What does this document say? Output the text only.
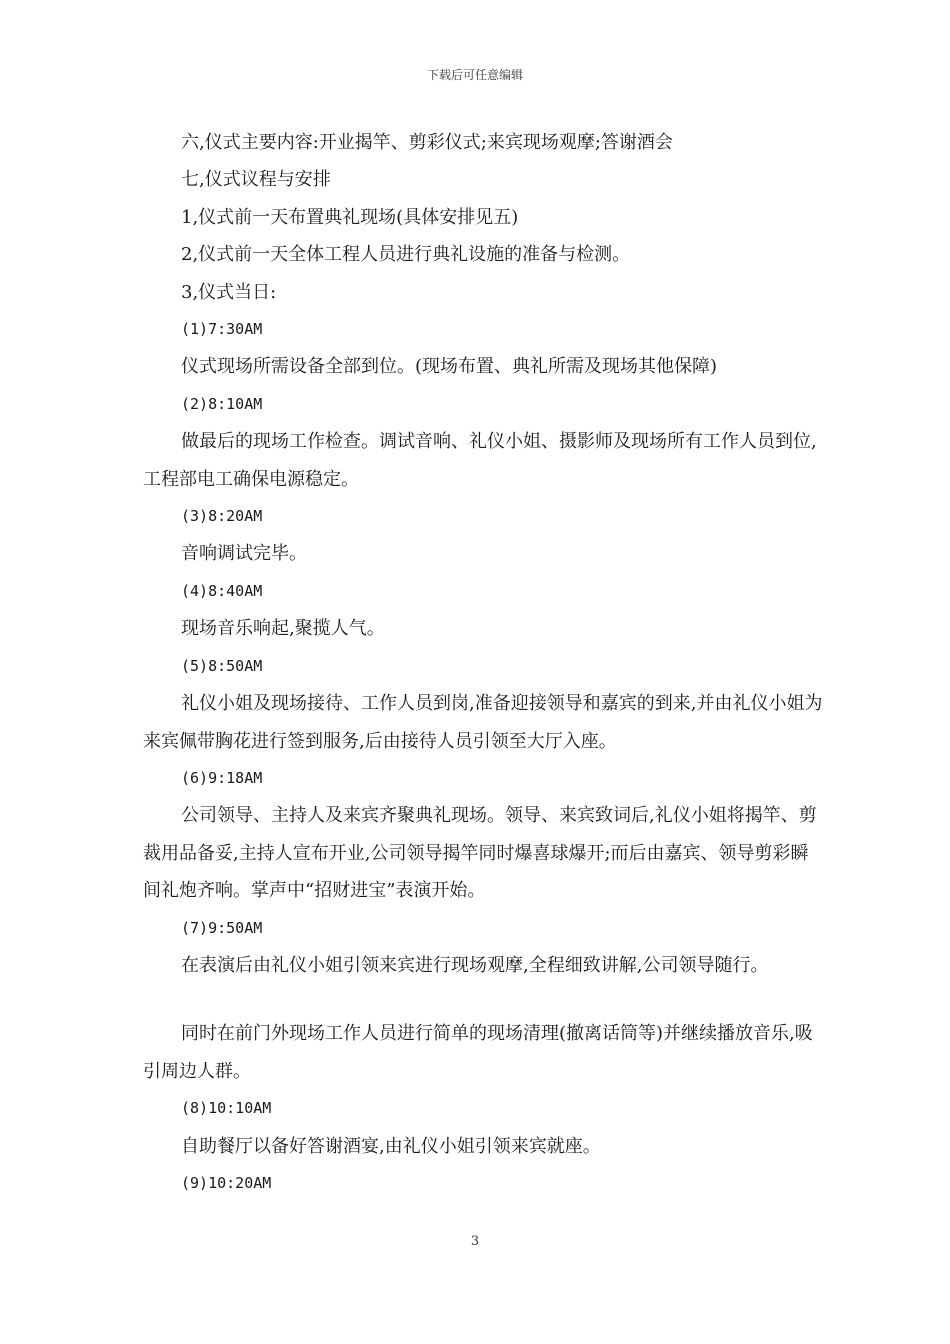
下载后可任意编辑

六,仪式主要内容:开业揭竿、剪彩仪式;来宾现场观摩;答谢酒会

七,仪式议程与安排

1,仪式前一天布置典礼现场(具体安排见五)

2,仪式前一天全体工程人员进行典礼设施的准备与检测。

3,仪式当日:

(1)7:30AM

仪式现场所需设备全部到位。(现场布置、典礼所需及现场其他保障)

(2)8:10AM

做最后的现场工作检查。调试音响、礼仪小姐、摄影师及现场所有工作人员到位,工程部电工确保电源稳定。

(3)8:20AM

音响调试完毕。

(4)8:40AM

现场音乐响起,聚揽人气。

(5)8:50AM

礼仪小姐及现场接待、工作人员到岗,准备迎接领导和嘉宾的到来,并由礼仪小姐为来宾佩带胸花进行签到服务,后由接待人员引领至大厅入座。

(6)9:18AM

公司领导、主持人及来宾齐聚典礼现场。领导、来宾致词后,礼仪小姐将揭竿、剪裁用品备妥,主持人宣布开业,公司领导揭竿同时爆喜球爆开;而后由嘉宾、领导剪彩瞬间礼炮齐响。掌声中“招财进宝”表演开始。

(7)9:50AM

在表演后由礼仪小姐引领来宾进行现场观摩,全程细致讲解,公司领导随行。

同时在前门外现场工作人员进行简单的现场清理(撤离话筒等)并继续播放音乐,吸引周边人群。

(8)10:10AM

自助餐厅以备好答谢酒宴,由礼仪小姐引领来宾就座。

(9)10:20AM

3
